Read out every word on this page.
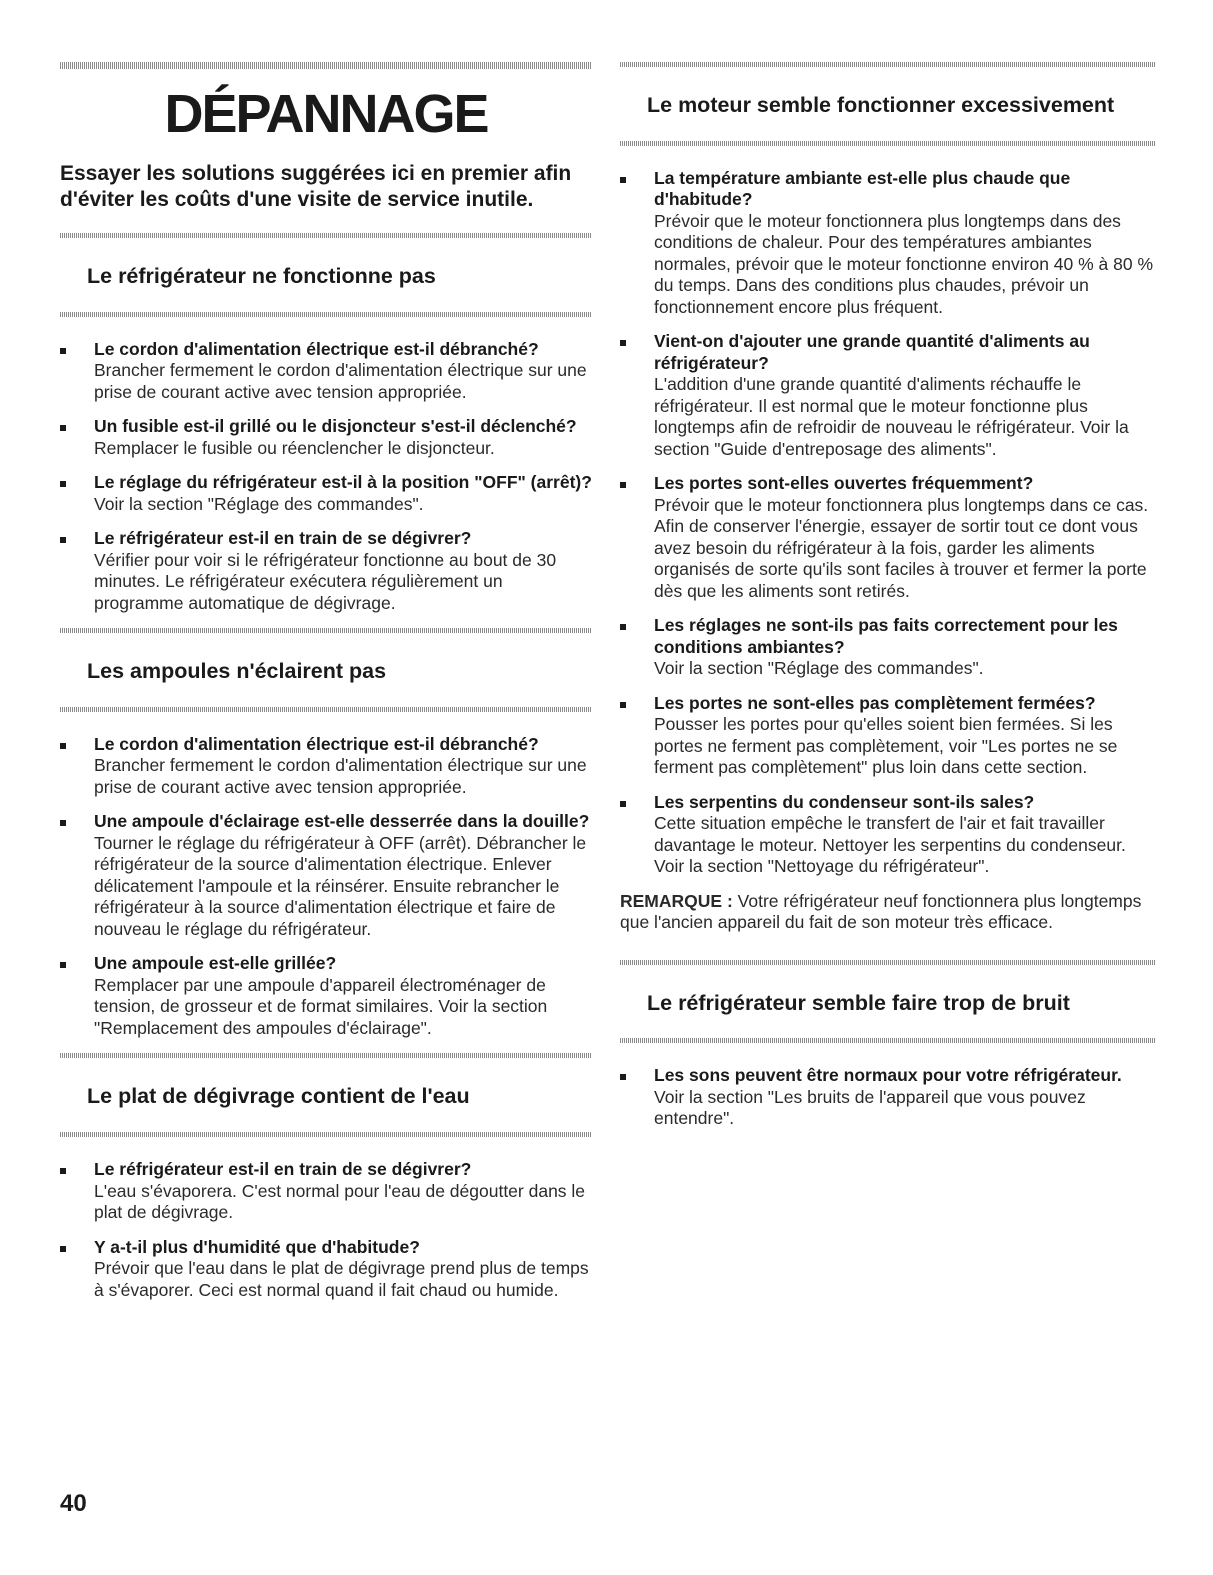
DÉPANNAGE

Essayer les solutions suggérées ici en premier afin d'éviter les coûts d'une visite de service inutile.

Le réfrigérateur ne fonctionne pas
Le cordon d'alimentation électrique est-il débranché?
Brancher fermement le cordon d'alimentation électrique sur une prise de courant active avec tension appropriée.
Un fusible est-il grillé ou le disjoncteur s'est-il déclenché?
Remplacer le fusible ou réenclencher le disjoncteur.
Le réglage du réfrigérateur est-il à la position "OFF" (arrêt)?
Voir la section "Réglage des commandes".
Le réfrigérateur est-il en train de se dégivrer?
Vérifier pour voir si le réfrigérateur fonctionne au bout de 30 minutes. Le réfrigérateur exécutera régulièrement un programme automatique de dégivrage.
Les ampoules n'éclairent pas
Le cordon d'alimentation électrique est-il débranché?
Brancher fermement le cordon d'alimentation électrique sur une prise de courant active avec tension appropriée.
Une ampoule d'éclairage est-elle desserrée dans la douille?
Tourner le réglage du réfrigérateur à OFF (arrêt). Débrancher le réfrigérateur de la source d'alimentation électrique. Enlever délicatement l'ampoule et la réinsérer. Ensuite rebrancher le réfrigérateur à la source d'alimentation électrique et faire de nouveau le réglage du réfrigérateur.
Une ampoule est-elle grillée?
Remplacer par une ampoule d'appareil électroménager de tension, de grosseur et de format similaires. Voir la section "Remplacement des ampoules d'éclairage".
Le plat de dégivrage contient de l'eau
Le réfrigérateur est-il en train de se dégivrer?
L'eau s'évaporera. C'est normal pour l'eau de dégoutter dans le plat de dégivrage.
Y a-t-il plus d'humidité que d'habitude?
Prévoir que l'eau dans le plat de dégivrage prend plus de temps à s'évaporer. Ceci est normal quand il fait chaud ou humide.
Le moteur semble fonctionner excessivement
La température ambiante est-elle plus chaude que d'habitude?
Prévoir que le moteur fonctionnera plus longtemps dans des conditions de chaleur. Pour des températures ambiantes normales, prévoir que le moteur fonctionne environ 40 % à 80 % du temps. Dans des conditions plus chaudes, prévoir un fonctionnement encore plus fréquent.
Vient-on d'ajouter une grande quantité d'aliments au réfrigérateur?
L'addition d'une grande quantité d'aliments réchauffe le réfrigérateur. Il est normal que le moteur fonctionne plus longtemps afin de refroidir de nouveau le réfrigérateur. Voir la section "Guide d'entreposage des aliments".
Les portes sont-elles ouvertes fréquemment?
Prévoir que le moteur fonctionnera plus longtemps dans ce cas. Afin de conserver l'énergie, essayer de sortir tout ce dont vous avez besoin du réfrigérateur à la fois, garder les aliments organisés de sorte qu'ils sont faciles à trouver et fermer la porte dès que les aliments sont retirés.
Les réglages ne sont-ils pas faits correctement pour les conditions ambiantes?
Voir la section "Réglage des commandes".
Les portes ne sont-elles pas complètement fermées?
Pousser les portes pour qu'elles soient bien fermées. Si les portes ne ferment pas complètement, voir "Les portes ne se ferment pas complètement" plus loin dans cette section.
Les serpentins du condenseur sont-ils sales?
Cette situation empêche le transfert de l'air et fait travailler davantage le moteur. Nettoyer les serpentins du condenseur. Voir la section "Nettoyage du réfrigérateur".

REMARQUE : Votre réfrigérateur neuf fonctionnera plus longtemps que l'ancien appareil du fait de son moteur très efficace.

Le réfrigérateur semble faire trop de bruit
Les sons peuvent être normaux pour votre réfrigérateur.
Voir la section "Les bruits de l'appareil que vous pouvez entendre".
40
